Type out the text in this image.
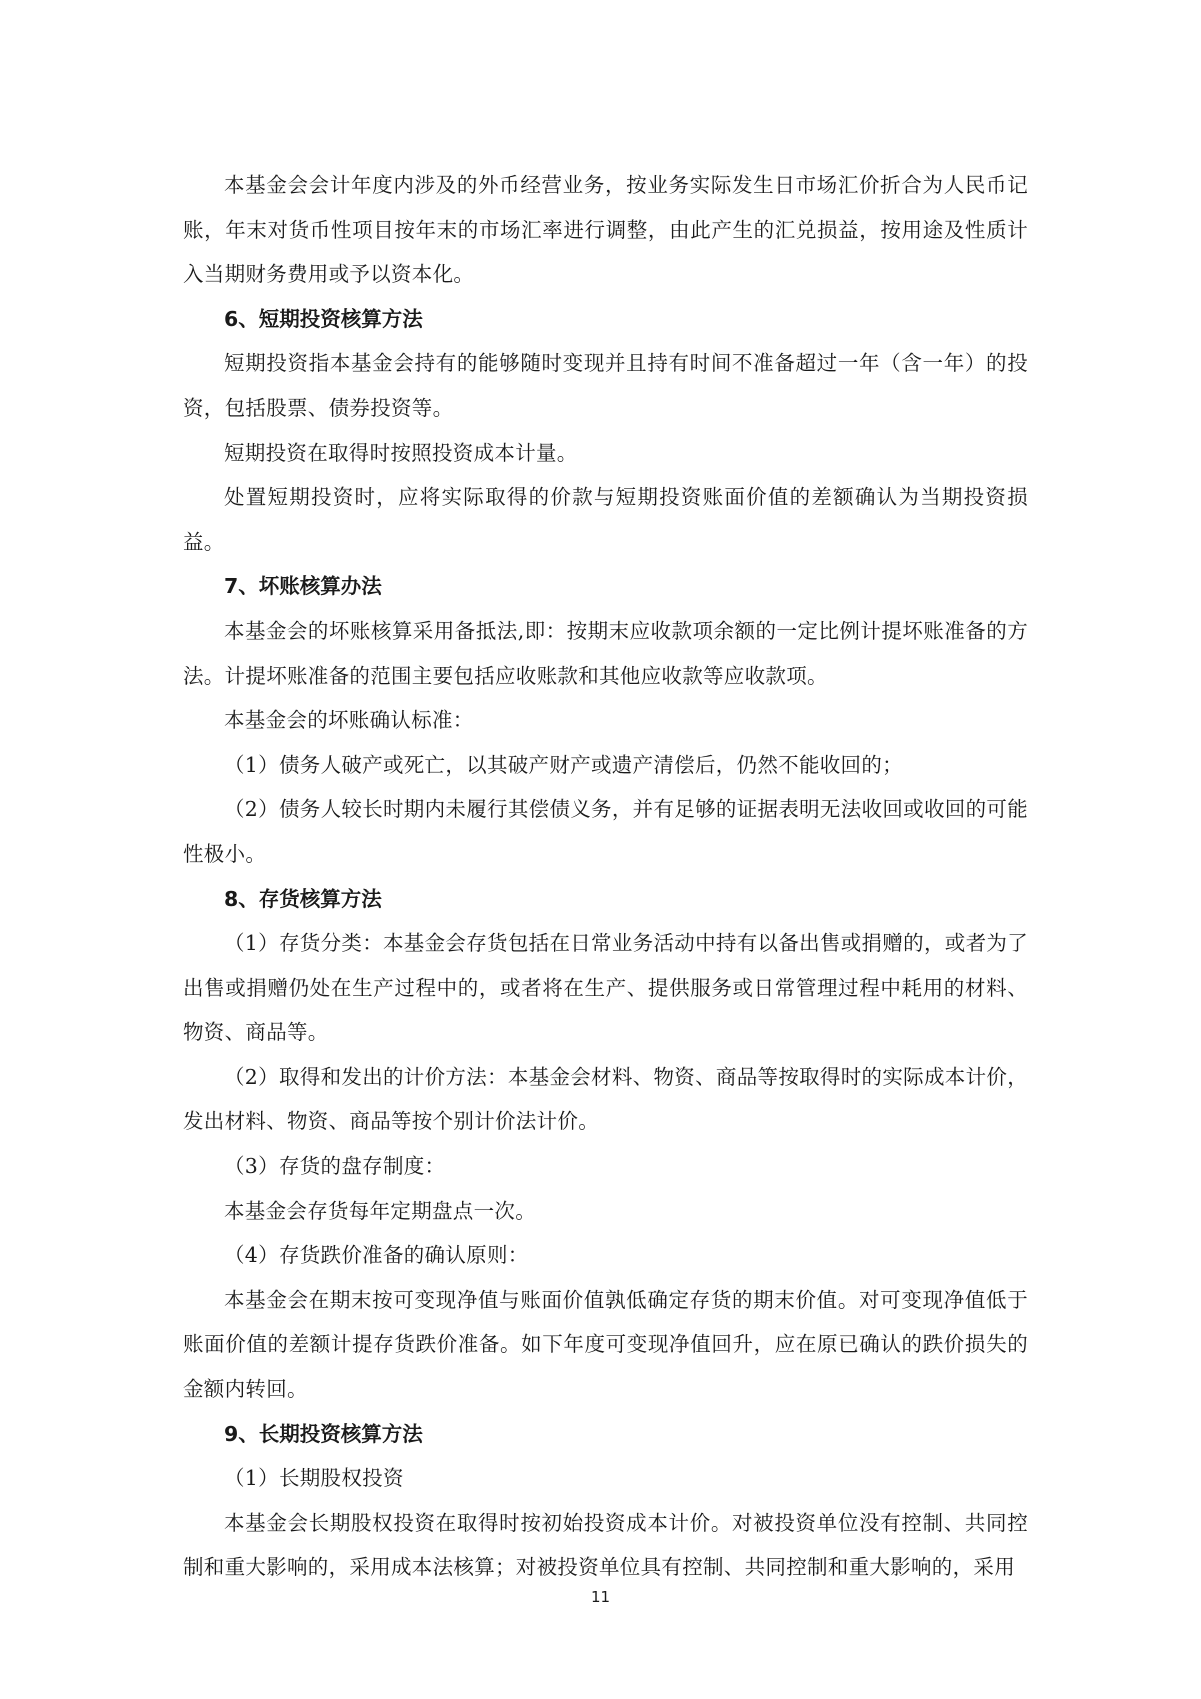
本基金会会计年度内涉及的外币经营业务，按业务实际发生日市场汇价折合为人民币记账，年末对货币性项目按年末的市场汇率进行调整，由此产生的汇兑损益，按用途及性质计入当期财务费用或予以资本化。

6、短期投资核算方法

短期投资指本基金会持有的能够随时变现并且持有时间不准备超过一年（含一年）的投资，包括股票、债券投资等。

短期投资在取得时按照投资成本计量。

处置短期投资时，应将实际取得的价款与短期投资账面价值的差额确认为当期投资损益。

7、坏账核算办法

本基金会的坏账核算采用备抵法,即：按期末应收款项余额的一定比例计提坏账准备的方法。计提坏账准备的范围主要包括应收账款和其他应收款等应收款项。

本基金会的坏账确认标准：

（1）债务人破产或死亡，以其破产财产或遗产清偿后，仍然不能收回的；

（2）债务人较长时期内未履行其偿债义务，并有足够的证据表明无法收回或收回的可能性极小。

8、存货核算方法

（1）存货分类：本基金会存货包括在日常业务活动中持有以备出售或捐赠的，或者为了出售或捐赠仍处在生产过程中的，或者将在生产、提供服务或日常管理过程中耗用的材料、物资、商品等。

（2）取得和发出的计价方法：本基金会材料、物资、商品等按取得时的实际成本计价，发出材料、物资、商品等按个别计价法计价。

（3）存货的盘存制度：

本基金会存货每年定期盘点一次。

（4）存货跌价准备的确认原则：

本基金会在期末按可变现净值与账面价值孰低确定存货的期末价值。对可变现净值低于账面价值的差额计提存货跌价准备。如下年度可变现净值回升，应在原已确认的跌价损失的金额内转回。

9、长期投资核算方法

（1）长期股权投资

本基金会长期股权投资在取得时按初始投资成本计价。对被投资单位没有控制、共同控制和重大影响的，采用成本法核算；对被投资单位具有控制、共同控制和重大影响的，采用

11
